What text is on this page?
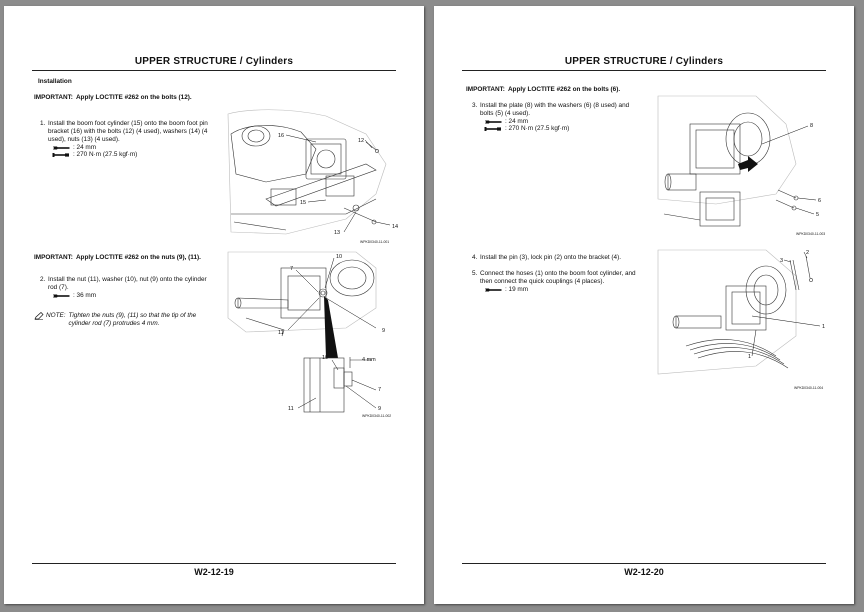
UPPER STRUCTURE / Cylinders
Installation
IMPORTANT: Apply LOCTITE #262 on the bolts (12).
1. Install the boom foot cylinder (15) onto the boom foot pin bracket (16) with the bolts (12) (4 used), washers (14) (4 used), nuts (13) (4 used).
: 24 mm
: 270 N·m (27.5 kgf·m)
16
12
15
14
13
WPKD0340-11-001
IMPORTANT: Apply LOCTITE #262 on the nuts (9), (11).
2. Install the nut (11), washer (10), nut (9) onto the cylinder rod (7).
: 36 mm
NOTE: Tighten the nuts (9), (11) so that the tip of the cylinder rod (7) protrudes 4 mm.
10
7
11	9
10	4 mm
7
11	9
WPKD0340-11-002
W2-12-19
UPPER STRUCTURE / Cylinders
IMPORTANT: Apply LOCTITE #262 on the bolts (6).
3. Install the plate (8) with the washers (6) (8 used) and bolts (5) (4 used).
: 24 mm
: 270 N·m (27.5 kgf·m)	8
6
5
WPKD0340-11-003
4. Install the pin (3), lock pin (2) onto the bracket (4).
5. Connect the hoses (1) onto the boom foot cylinder, and then connect the quick couplings (4 places).
: 19 mm
2
3
1
1
WPKD0340-11-004
W2-12-20
